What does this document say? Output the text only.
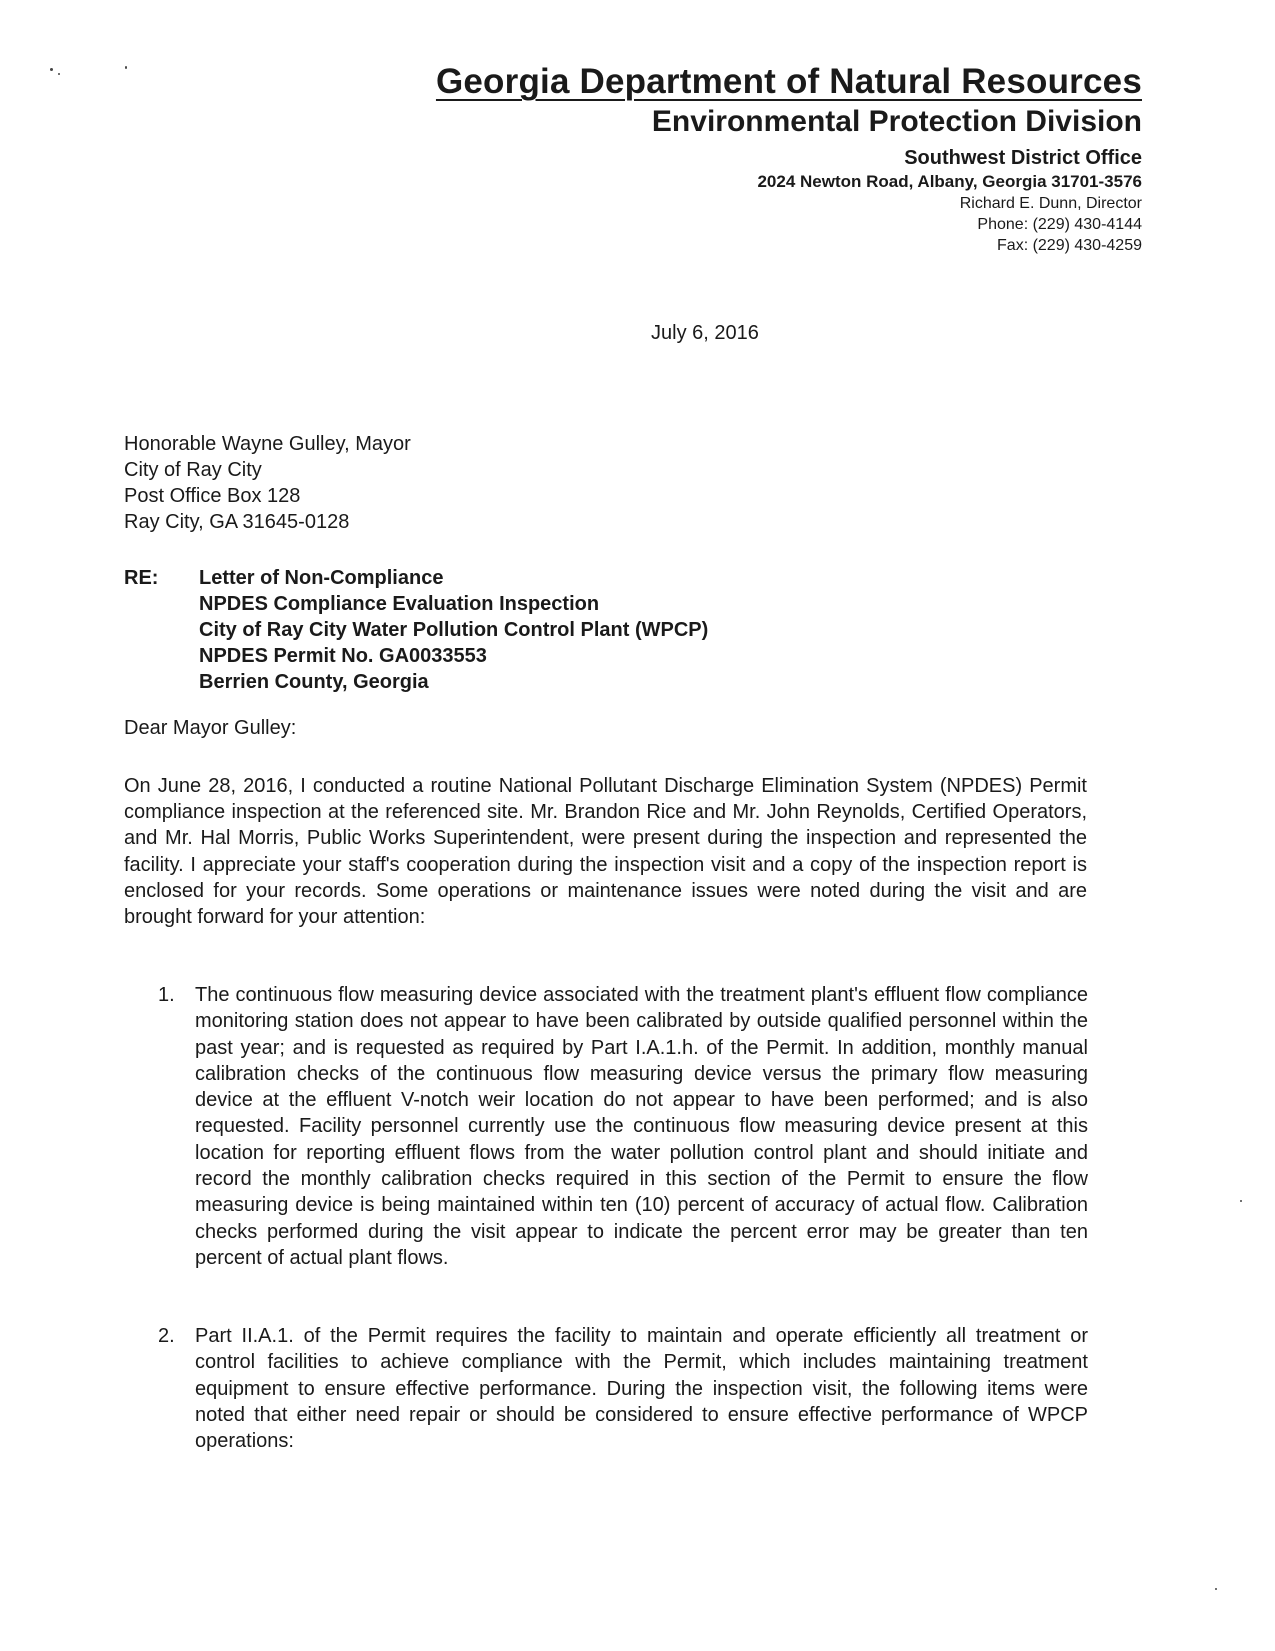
Georgia Department of Natural Resources
Environmental Protection Division
Southwest District Office
2024 Newton Road, Albany, Georgia 31701-3576
Richard E. Dunn, Director
Phone: (229) 430-4144
Fax: (229) 430-4259
July 6, 2016
Honorable Wayne Gulley, Mayor
City of Ray City
Post Office Box 128
Ray City, GA 31645-0128
RE: Letter of Non-Compliance
NPDES Compliance Evaluation Inspection
City of Ray City Water Pollution Control Plant (WPCP)
NPDES Permit No. GA0033553
Berrien County, Georgia
Dear Mayor Gulley:
On June 28, 2016, I conducted a routine National Pollutant Discharge Elimination System (NPDES) Permit compliance inspection at the referenced site. Mr. Brandon Rice and Mr. John Reynolds, Certified Operators, and Mr. Hal Morris, Public Works Superintendent, were present during the inspection and represented the facility. I appreciate your staff's cooperation during the inspection visit and a copy of the inspection report is enclosed for your records. Some operations or maintenance issues were noted during the visit and are brought forward for your attention:
1. The continuous flow measuring device associated with the treatment plant's effluent flow compliance monitoring station does not appear to have been calibrated by outside qualified personnel within the past year; and is requested as required by Part I.A.1.h. of the Permit. In addition, monthly manual calibration checks of the continuous flow measuring device versus the primary flow measuring device at the effluent V-notch weir location do not appear to have been performed; and is also requested. Facility personnel currently use the continuous flow measuring device present at this location for reporting effluent flows from the water pollution control plant and should initiate and record the monthly calibration checks required in this section of the Permit to ensure the flow measuring device is being maintained within ten (10) percent of accuracy of actual flow. Calibration checks performed during the visit appear to indicate the percent error may be greater than ten percent of actual plant flows.
2. Part II.A.1. of the Permit requires the facility to maintain and operate efficiently all treatment or control facilities to achieve compliance with the Permit, which includes maintaining treatment equipment to ensure effective performance. During the inspection visit, the following items were noted that either need repair or should be considered to ensure effective performance of WPCP operations:
